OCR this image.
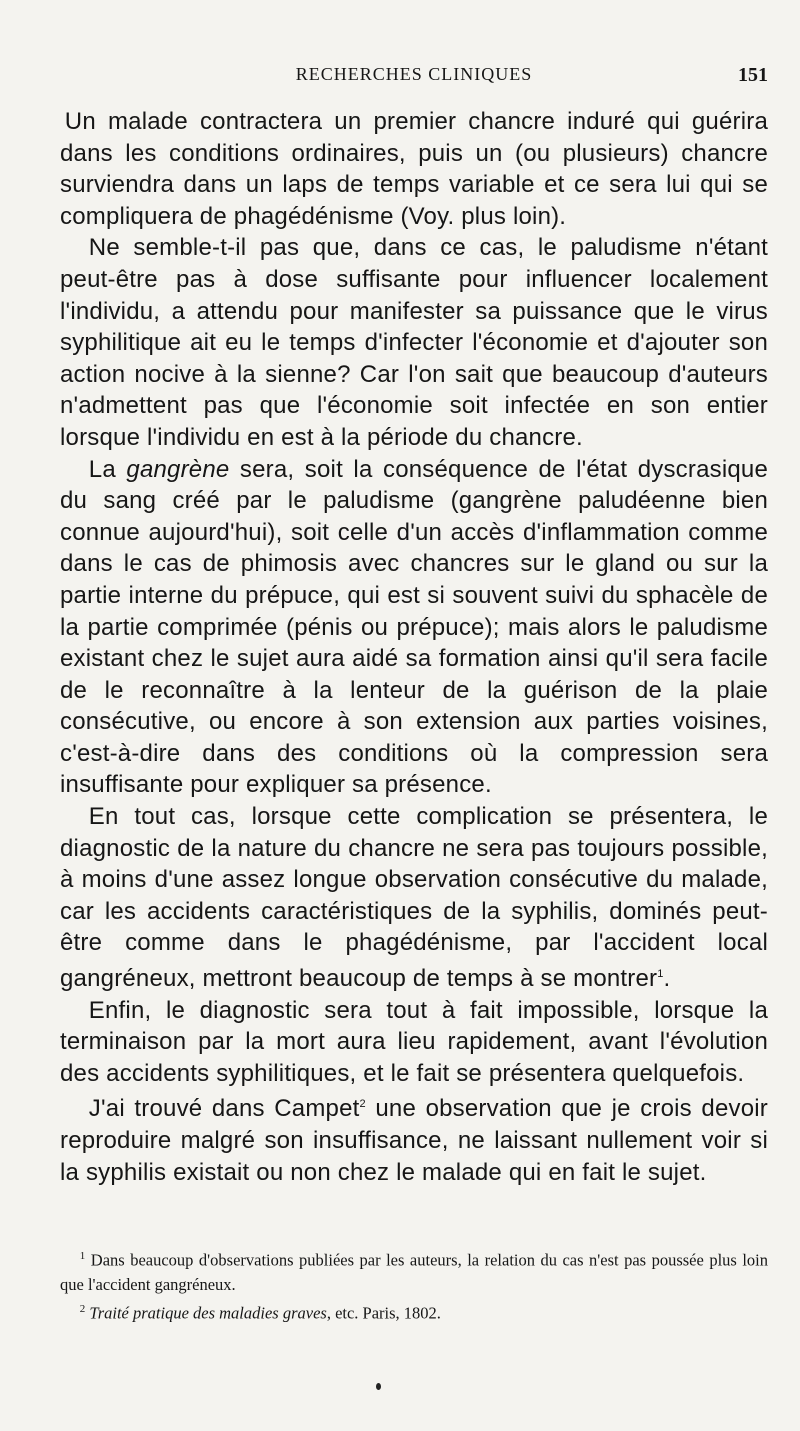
RECHERCHES CLINIQUES	151

Un malade contractera un premier chancre induré qui guérira dans les conditions ordinaires, puis un (ou plusieurs) chancre surviendra dans un laps de temps variable et ce sera lui qui se compliquera de phagédénisme (Voy. plus loin).

Ne semble-t-il pas que, dans ce cas, le paludisme n'étant peut-être pas à dose suffisante pour influencer localement l'individu, a attendu pour manifester sa puissance que le virus syphilitique ait eu le temps d'infecter l'économie et d'ajouter son action nocive à la sienne? Car l'on sait que beaucoup d'auteurs n'admettent pas que l'économie soit infectée en son entier lorsque l'individu en est à la période du chancre.

La gangrène sera, soit la conséquence de l'état dyscrasique du sang créé par le paludisme (gangrène paludéenne bien connue aujourd'hui), soit celle d'un accès d'inflammation comme dans le cas de phimosis avec chancres sur le gland ou sur la partie interne du prépuce, qui est si souvent suivi du sphacèle de la partie comprimée (pénis ou prépuce); mais alors le paludisme existant chez le sujet aura aidé sa formation ainsi qu'il sera facile de le reconnaître à la lenteur de la guérison de la plaie consécutive, ou encore à son extension aux parties voisines, c'est-à-dire dans des conditions où la compression sera insuffisante pour expliquer sa présence.

En tout cas, lorsque cette complication se présentera, le diagnostic de la nature du chancre ne sera pas toujours possible, à moins d'une assez longue observation consécutive du malade, car les accidents caractéristiques de la syphilis, dominés peut-être comme dans le phagédénisme, par l'accident local gangréneux, mettront beaucoup de temps à se montrer$^1$.

Enfin, le diagnostic sera tout à fait impossible, lorsque la terminaison par la mort aura lieu rapidement, avant l'évolution des accidents syphilitiques, et le fait se présentera quelquefois.

J'ai trouvé dans Campet$^2$ une observation que je crois devoir reproduire malgré son insuffisance, ne laissant nullement voir si la syphilis existait ou non chez le malade qui en fait le sujet.

$^1$ Dans beaucoup d'observations publiées par les auteurs, la relation du cas n'est pas poussée plus loin que l'accident gangréneux.

$^2$ Traité pratique des maladies graves, etc. Paris, 1802.
